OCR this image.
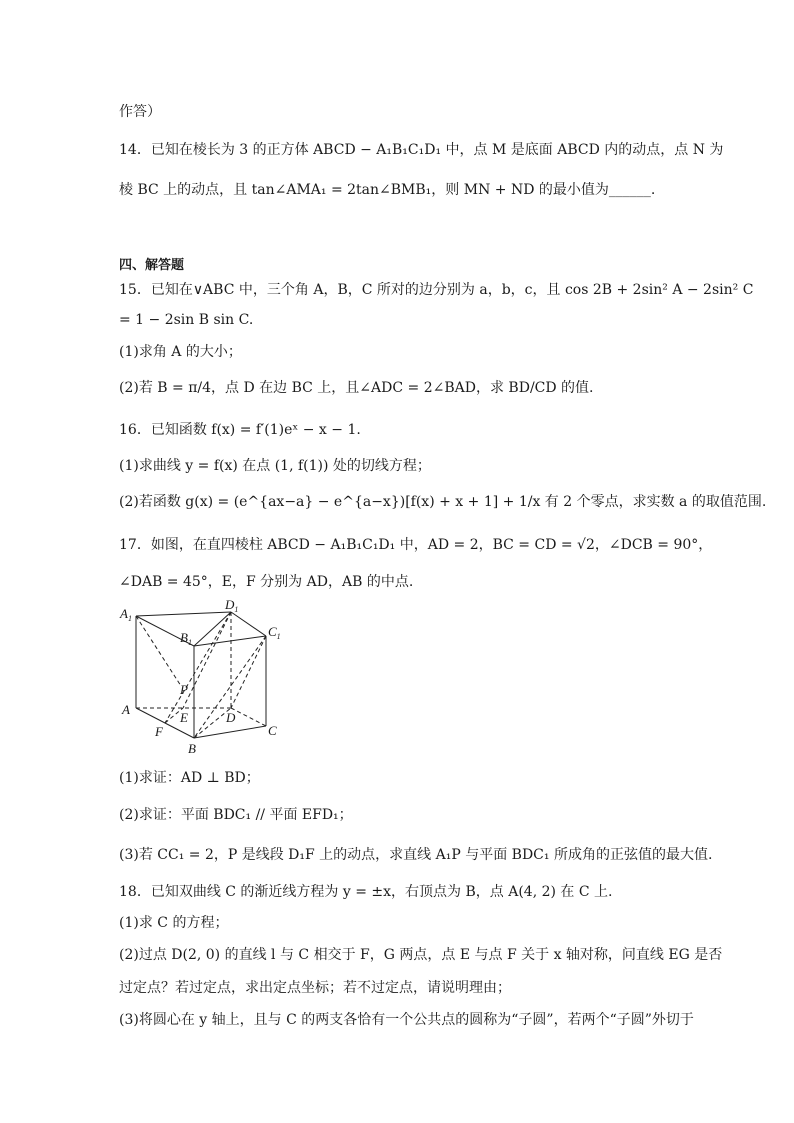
作答）
14．已知在棱长为 3 的正方体 ABCD − A₁B₁C₁D₁ 中，点 M 是底面 ABCD 内的动点，点 N 为
棱 BC 上的动点，且 tan∠AMA₁ = 2tan∠BMB₁，则 MN + ND 的最小值为______.
四、解答题
15．已知在∨ABC 中，三个角 A，B，C 所对的边分别为 a，b，c，且 cos 2B + 2sin² A − 2sin² C
= 1 − 2sin B sin C.
(1)求角 A 的大小；
(2)若 B = π/4，点 D 在边 BC 上，且∠ADC = 2∠BAD，求 BD/CD 的值.
16．已知函数 f(x) = f′(1)eˣ − x − 1.
(1)求曲线 y = f(x) 在点 (1, f(1)) 处的切线方程；
(2)若函数 g(x) = (e^{ax−a} − e^{a−x})[f(x) + x + 1] + 1/x 有 2 个零点，求实数 a 的取值范围.
17．如图，在直四棱柱 ABCD − A₁B₁C₁D₁ 中，AD = 2，BC = CD = √2，∠DCB = 90°，
∠DAB = 45°，E，F 分别为 AD，AB 的中点.
$A_1$
$B_1$
$D_1$
$C_1$
A
P
E	D
F
B
C
(1)求证：AD ⊥ BD；
(2)求证：平面 BDC₁ // 平面 EFD₁；
(3)若 CC₁ = 2，P 是线段 D₁F 上的动点，求直线 A₁P 与平面 BDC₁ 所成角的正弦值的最大值.
18．已知双曲线 C 的渐近线方程为 y = ±x，右顶点为 B，点 A(4, 2) 在 C 上.
(1)求 C 的方程；
(2)过点 D(2, 0) 的直线 l 与 C 相交于 F，G 两点，点 E 与点 F 关于 x 轴对称，问直线 EG 是否
过定点？若过定点，求出定点坐标；若不过定点，请说明理由；
(3)将圆心在 y 轴上，且与 C 的两支各恰有一个公共点的圆称为“子圆”，若两个“子圆”外切于
